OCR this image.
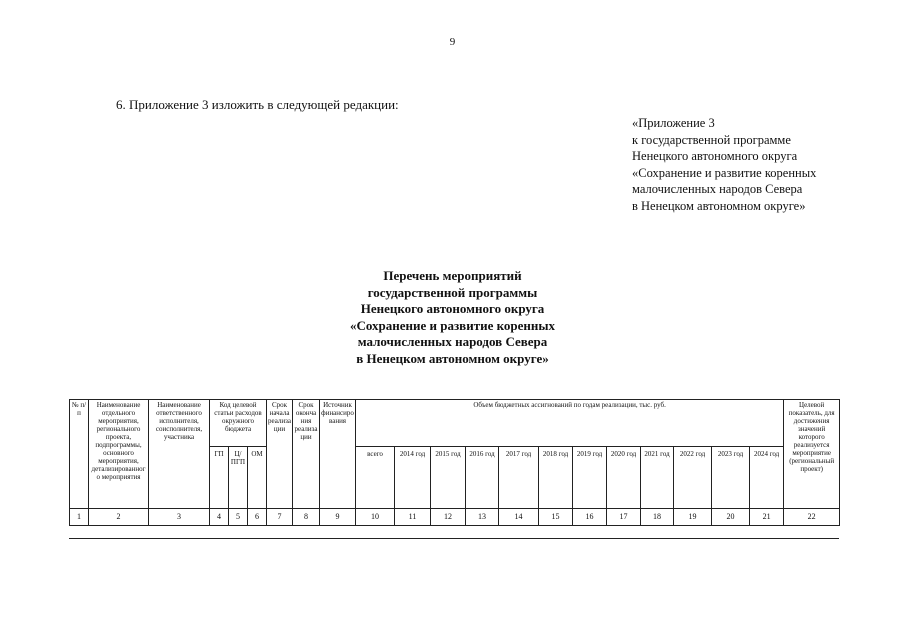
9
6. Приложение 3 изложить в следующей редакции:
«Приложение 3
к государственной программе
Ненецкого автономного округа
«Сохранение и развитие коренных
малочисленных народов Севера
в Ненецком автономном округе»
Перечень мероприятий
государственной программы
Ненецкого автономного округа
«Сохранение и развитие коренных
малочисленных народов Севера
в Ненецком автономном округе»
№ п/п	Наименование отдельного мероприятия, регионального проекта, подпрограммы, основного мероприятия, детализированного мероприятия	Наименование ответственного исполнителя, соисполнителя, участника	Код целевой статьи расходов окружного бюджета			Срок начала реализации	Срок окончания реализации	Источник финансирования	Объем бюджетных ассигнований по годам реализации, тыс. руб.												Целевой показатель, для достижения значений которого реализуется мероприятие (региональный проект)
			ГП	Ц/ПГП	ОМ				всего	2014 год	2015 год	2016 год	2017 год	2018 год	2019 год	2020 год	2021 год	2022 год	2023 год	2024 год	
1	2	3	4	5	6	7	8	9	10	11	12	13	14	15	16	17	18	19	20	21	22
